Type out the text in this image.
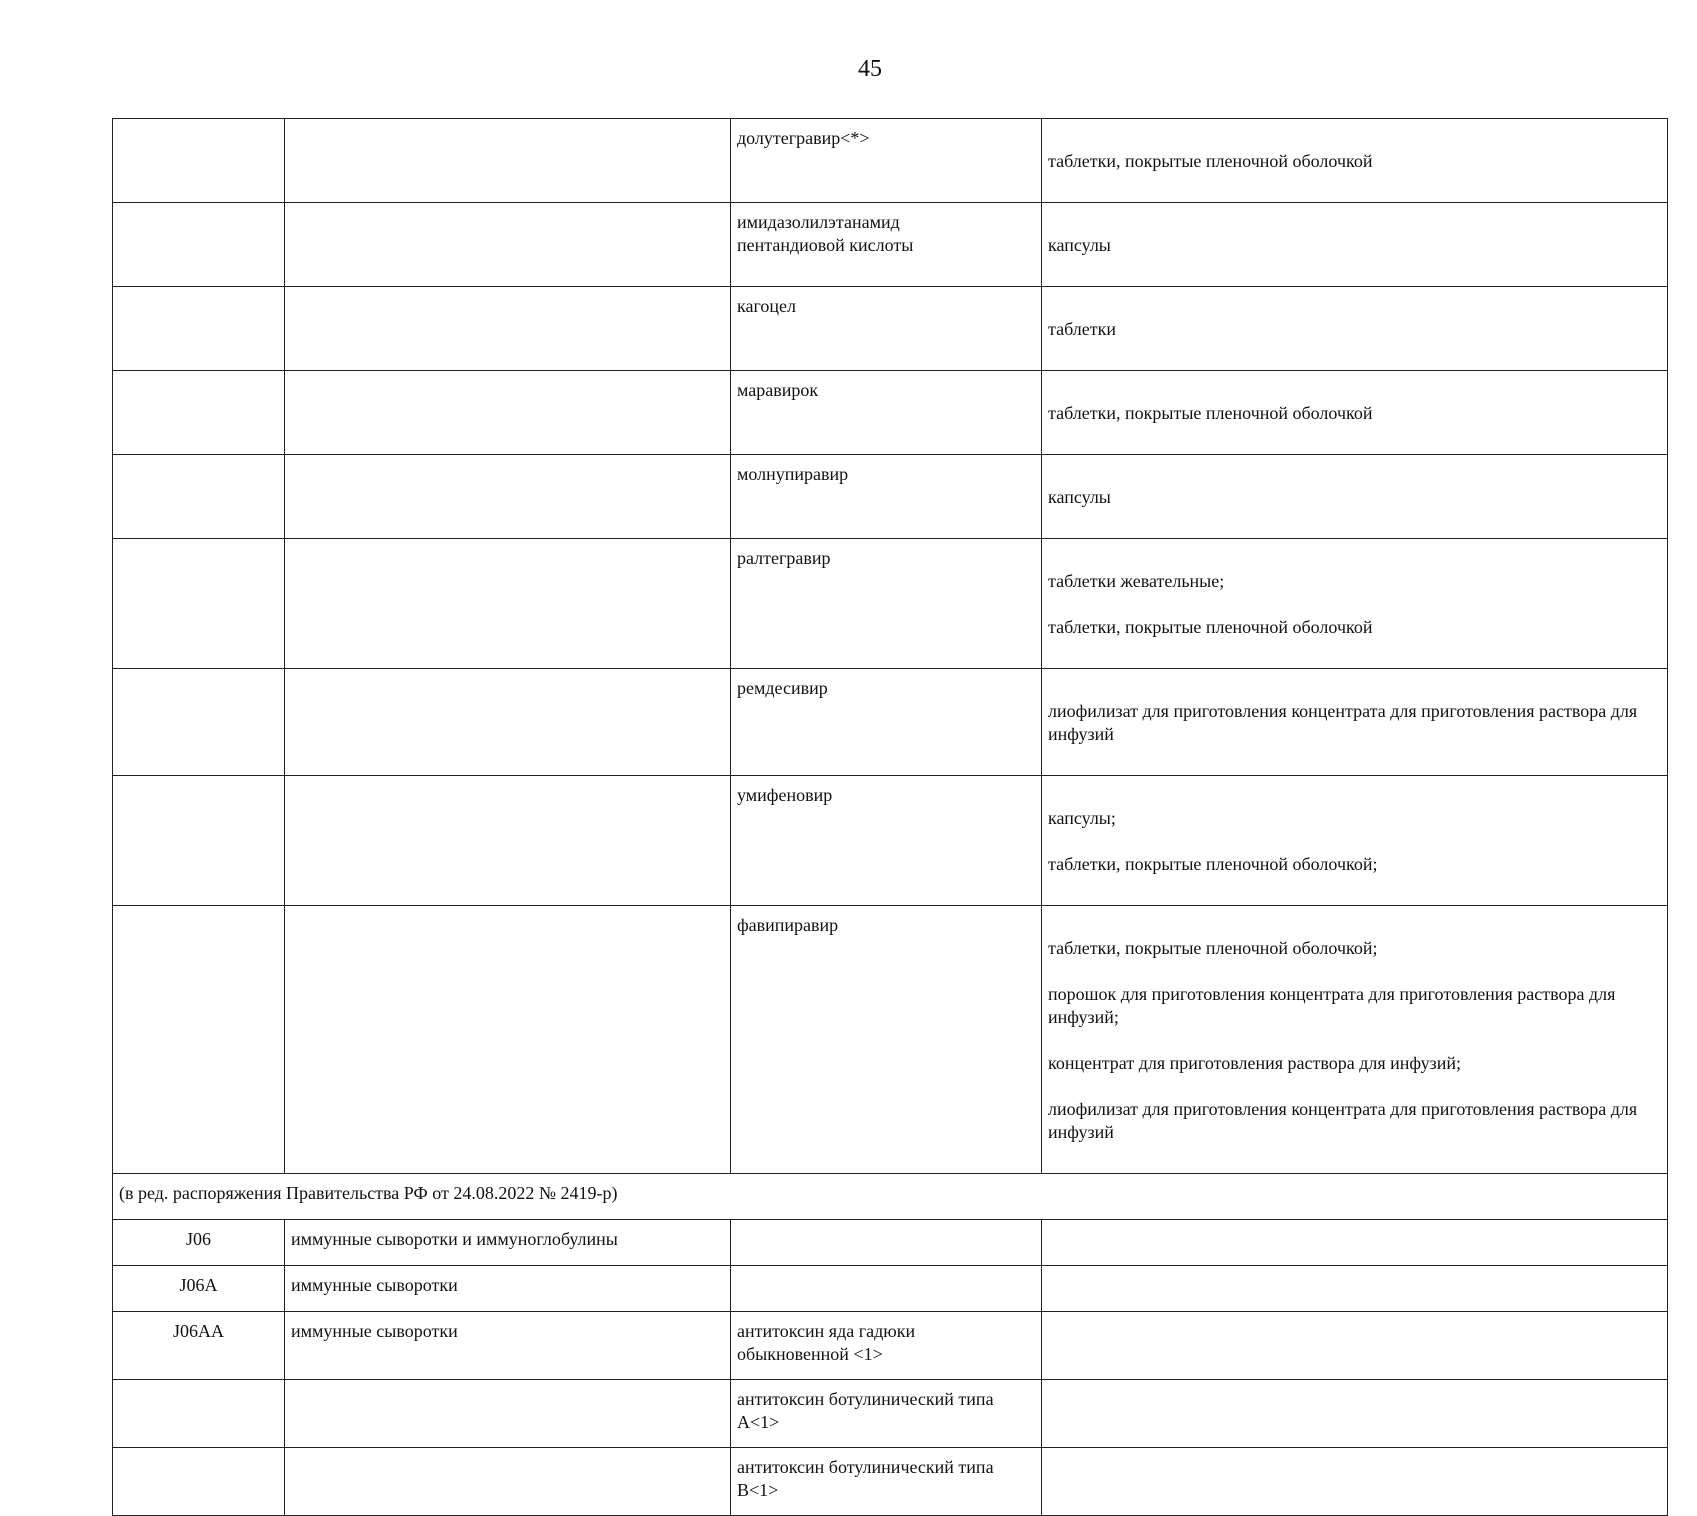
45
		долутегравир<*>	таблетки, покрытые пленочной оболочкой

		имидазолилэтанамид
пентандиовой кислоты	капсулы

		кагоцел	таблетки

		маравирок	таблетки, покрытые пленочной оболочкой

		молнупиравир	капсулы

		ралтегравир	таблетки жевательные;

таблетки, покрытые пленочной оболочкой

		ремдесивир	лиофилизат для приготовления концентрата для приготовления раствора для инфузий

		умифеновир	капсулы;

таблетки, покрытые пленочной оболочкой;

		фавипиравир	таблетки, покрытые пленочной оболочкой;

порошок для приготовления концентрата для приготовления раствора для инфузий;

концентрат для приготовления раствора для инфузий;

лиофилизат для приготовления концентрата для приготовления раствора для инфузий

(в ред. распоряжения Правительства РФ от 24.08.2022 № 2419-р)			
J06	иммунные сыворотки и иммуноглобулины		
J06A	иммунные сыворотки		
J06AA	иммунные сыворотки	антитоксин яда гадюки
обыкновенной <1>	
		антитоксин ботулинический типа
A<1>	
		антитоксин ботулинический типа
B<1>	
